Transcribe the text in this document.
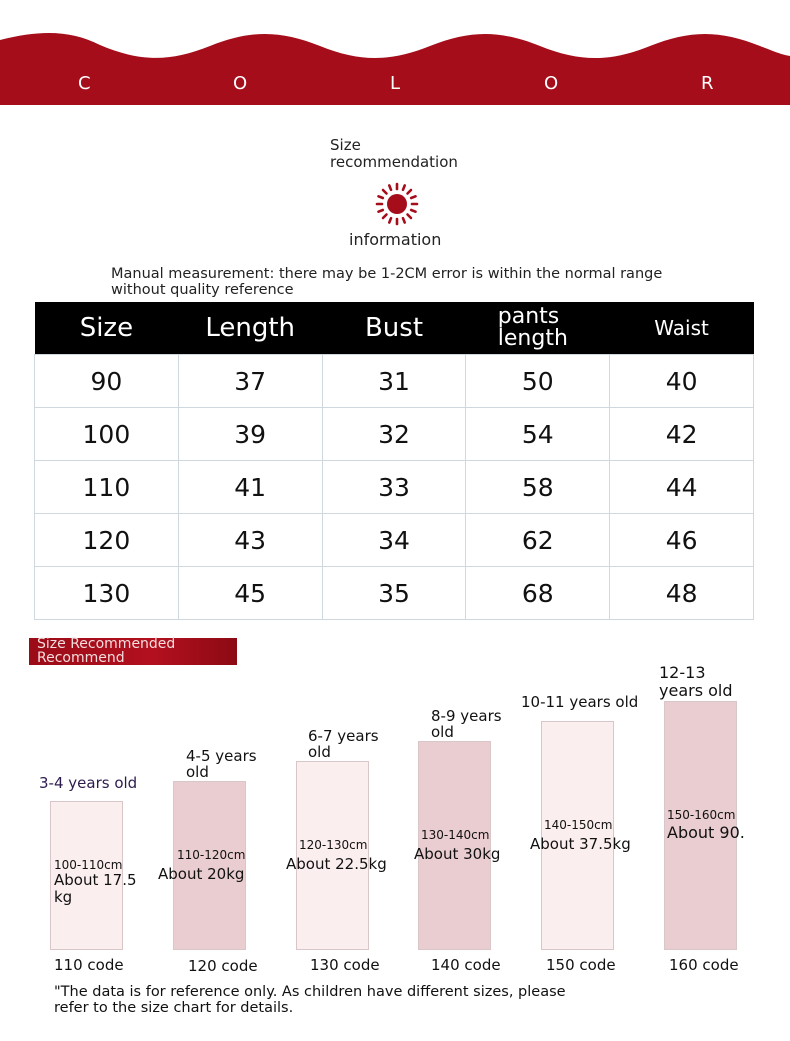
C	O	L	O	R
Size recommendation
information
Manual measurement: there may be 1-2CM error is within the normal range without quality reference
Size	Length	Bust	pants length	Waist
90	37	31	50	40
100	39	32	54	42
110	41	33	58	44
120	43	34	62	46
130	45	35	68	48
Size Recommended
Recommend
3-4 years old
4-5 years old
6-7 years old
8-9 years old
10-11 years old
12-13 years old
100-110cm
About 17.5 kg
110-120cm
About 20kg
120-130cm
About 22.5kg
130-140cm
About 30kg
140-150cm
About 37.5kg
150-160cm
About 90.
110 code	120 code	130 code	140 code	150 code	160 code
"The data is for reference only. As children have different sizes, please refer to the size chart for details.
